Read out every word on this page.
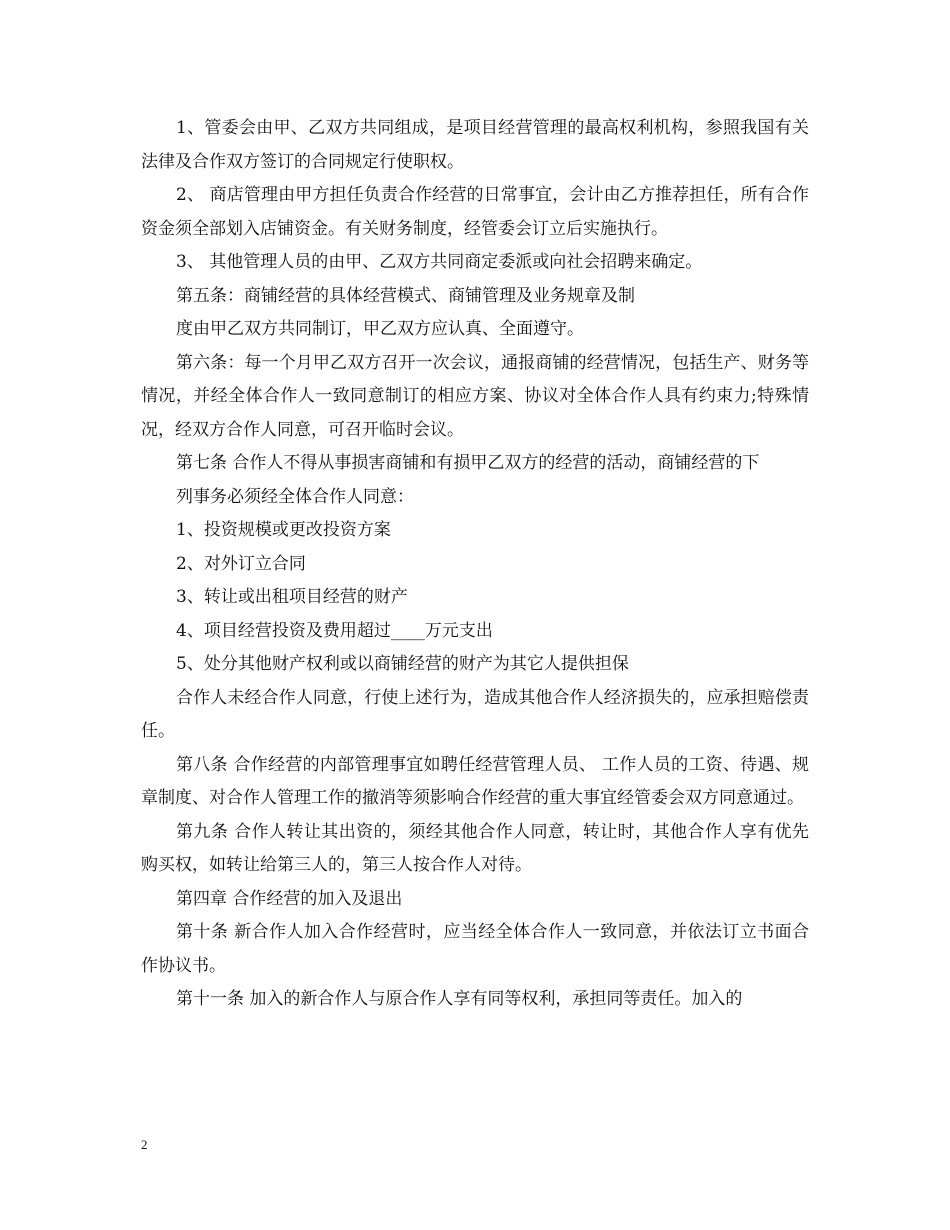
1、管委会由甲、乙双方共同组成，是项目经营管理的最高权利机构，参照我国有关法律及合作双方签订的合同规定行使职权。

2、 商店管理由甲方担任负责合作经营的日常事宜，会计由乙方推荐担任，所有合作资金须全部划入店铺资金。有关财务制度，经管委会订立后实施执行。

3、 其他管理人员的由甲、乙双方共同商定委派或向社会招聘来确定。

第五条：商铺经营的具体经营模式、商铺管理及业务规章及制

度由甲乙双方共同制订，甲乙双方应认真、全面遵守。

第六条：每一个月甲乙双方召开一次会议，通报商铺的经营情况，包括生产、财务等情况，并经全体合作人一致同意制订的相应方案、协议对全体合作人具有约束力;特殊情况，经双方合作人同意，可召开临时会议。

第七条 合作人不得从事损害商铺和有损甲乙双方的经营的活动，商铺经营的下

列事务必须经全体合作人同意：

1、投资规模或更改投资方案

2、对外订立合同

3、转让或出租项目经营的财产

4、项目经营投资及费用超过____万元支出

5、处分其他财产权利或以商铺经营的财产为其它人提供担保

合作人未经合作人同意，行使上述行为，造成其他合作人经济损失的，应承担赔偿责任。

第八条 合作经营的内部管理事宜如聘任经营管理人员、 工作人员的工资、待遇、规章制度、对合作人管理工作的撤消等须影响合作经营的重大事宜经管委会双方同意通过。

第九条 合作人转让其出资的，须经其他合作人同意，转让时，其他合作人享有优先购买权，如转让给第三人的，第三人按合作人对待。

第四章 合作经营的加入及退出

第十条 新合作人加入合作经营时，应当经全体合作人一致同意，并依法订立书面合作协议书。

第十一条 加入的新合作人与原合作人享有同等权利，承担同等责任。加入的

2
